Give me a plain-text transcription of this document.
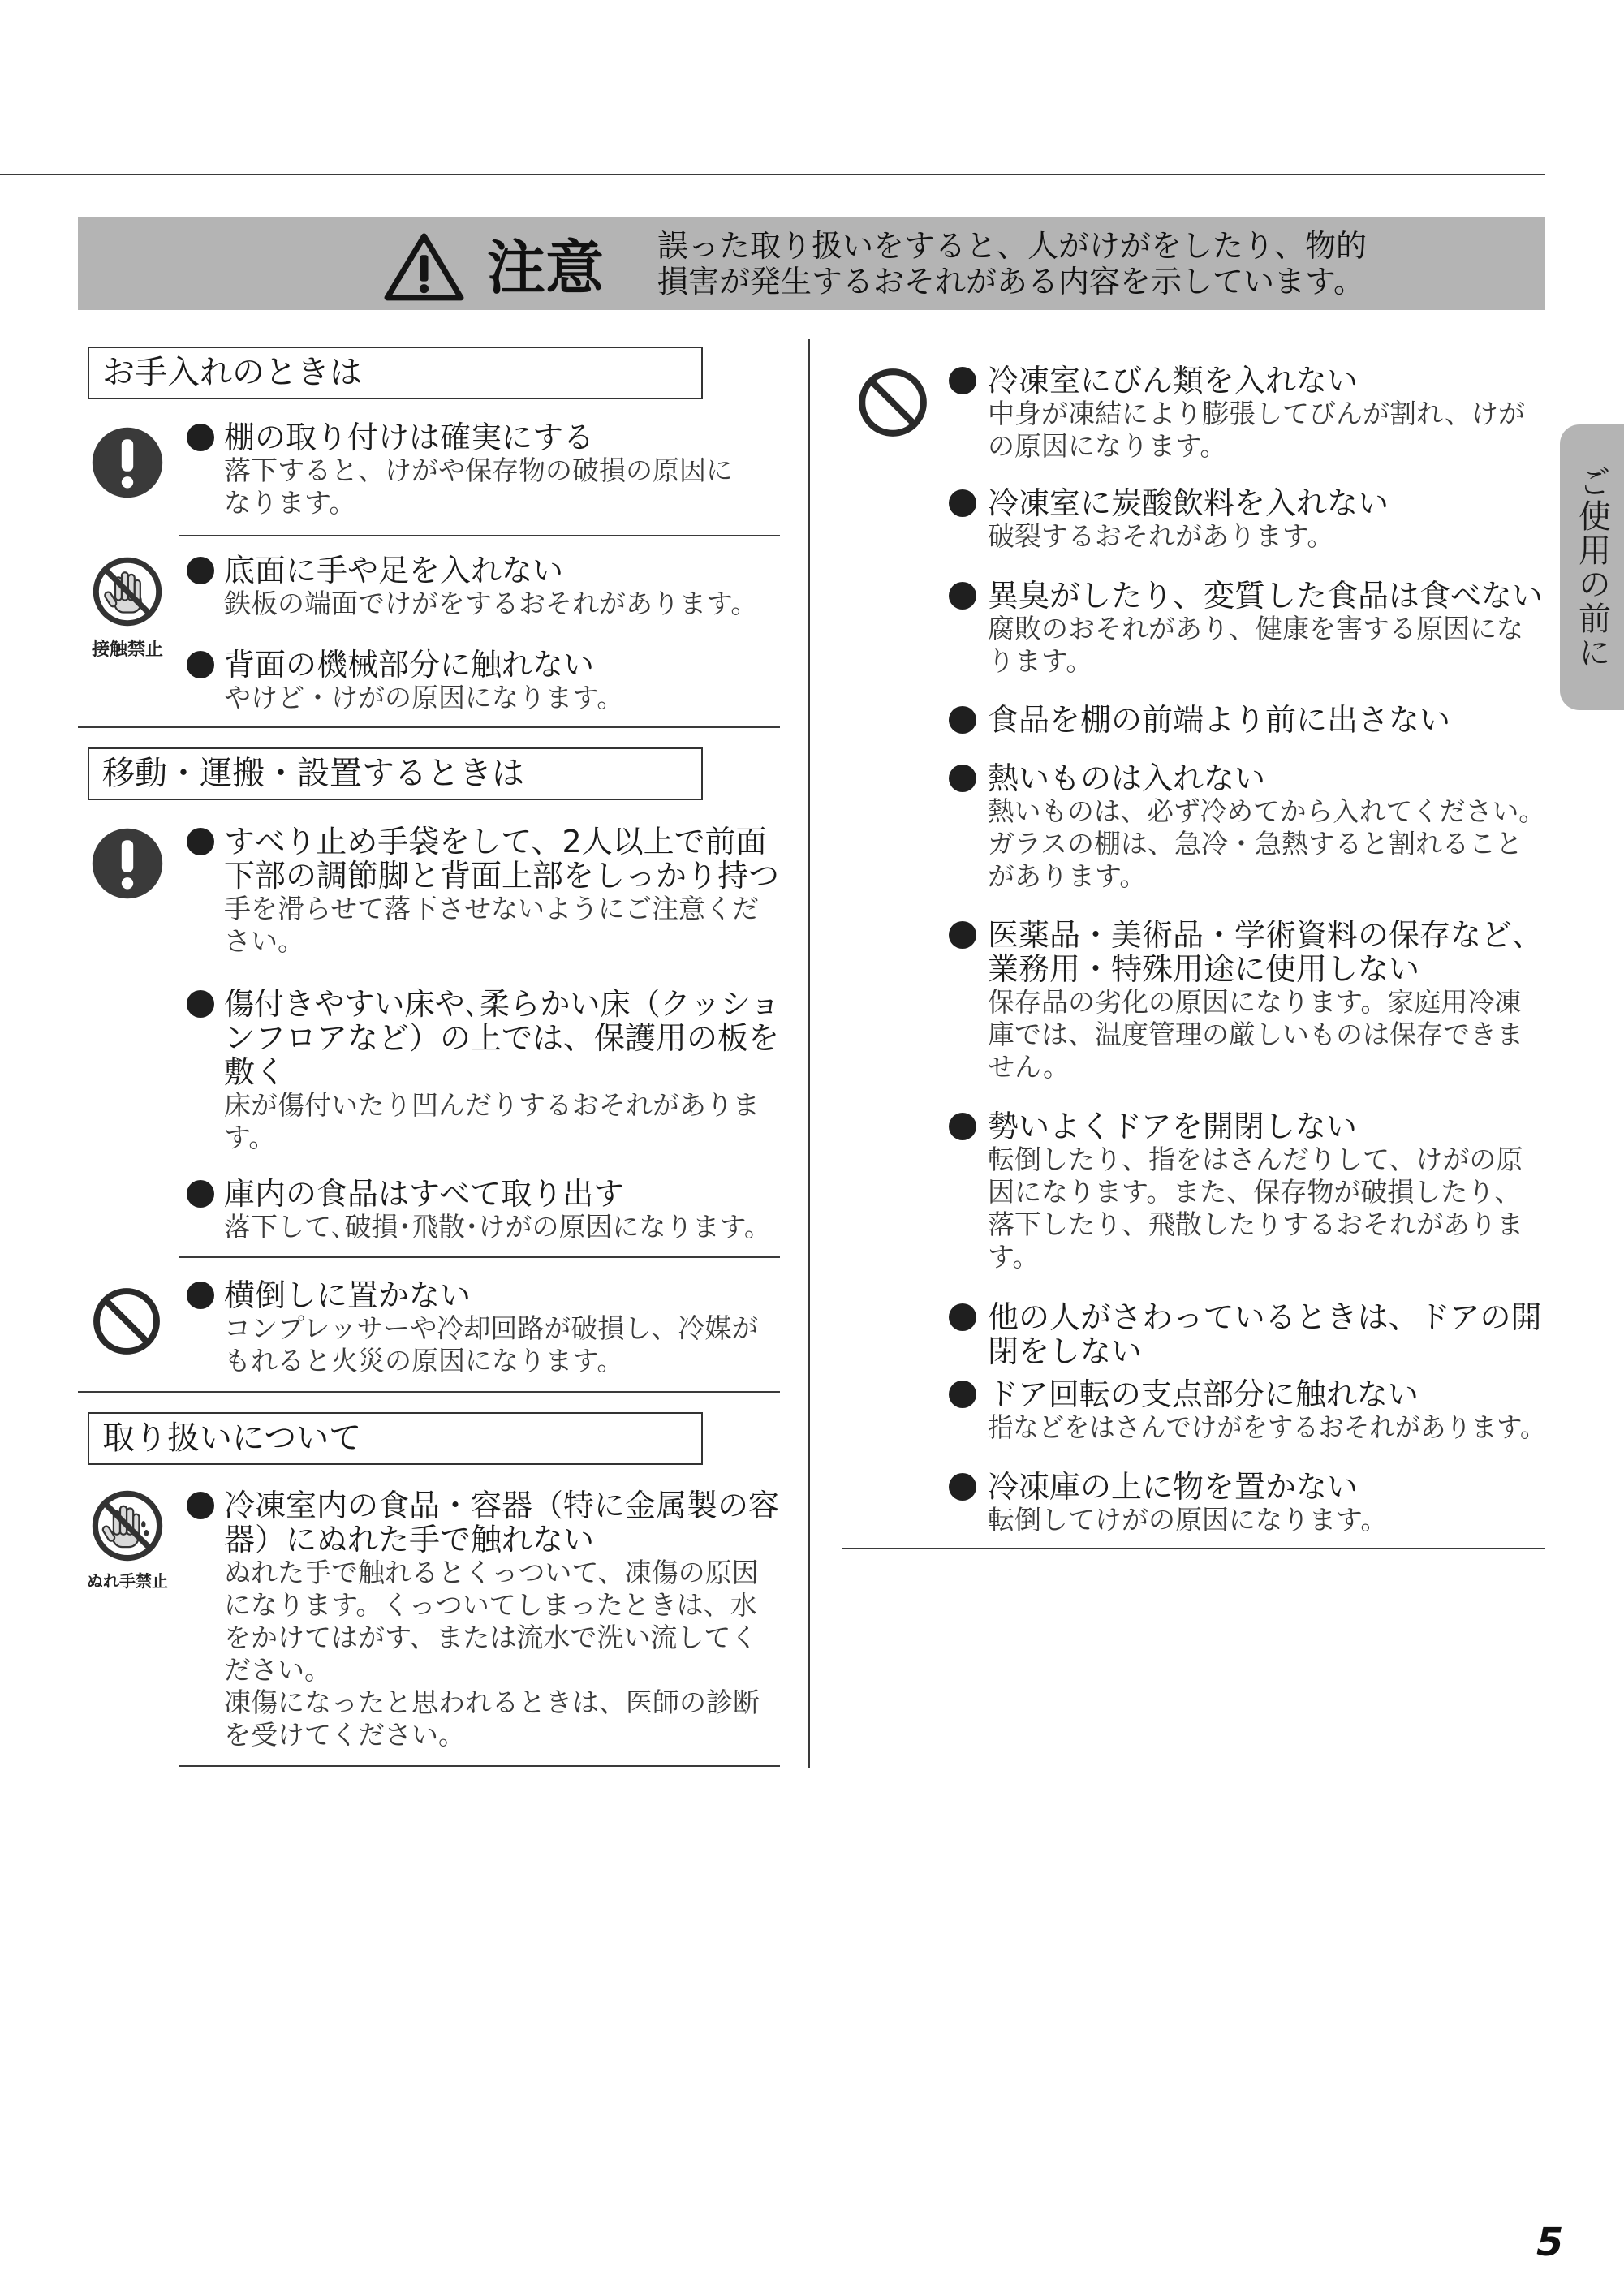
注意 誤った取り扱いをすると、人がけがをしたり、物的
損害が発生するおそれがある内容を示しています。
お手入れのときは
棚の取り付けは確実にする
落下すると、けがや保存物の破損の原因に
なります。
接触禁止
底面に手や足を入れない
鉄板の端面でけがをするおそれがあります。
背面の機械部分に触れない
やけど・けがの原因になります。
移動・運搬・設置するときは
すべり止め手袋をして、2人以上で前面
下部の調節脚と背面上部をしっかり持つ
手を滑らせて落下させないようにご注意くだ
さい。
傷付きやすい床や､柔らかい床（クッショ
ンフロアなど）の上では、保護用の板を
敷く
床が傷付いたり凹んだりするおそれがありま
す。
庫内の食品はすべて取り出す
落下して､破損･飛散･けがの原因になります。
横倒しに置かない
コンプレッサーや冷却回路が破損し、冷媒が
もれると火災の原因になります。
取り扱いについて
ぬれ手禁止
冷凍室内の食品・容器（特に金属製の容
器）にぬれた手で触れない
ぬれた手で触れるとくっついて、凍傷の原因
になります。くっついてしまったときは、水
をかけてはがす、または流水で洗い流してく
ださい。
凍傷になったと思われるときは、医師の診断
を受けてください。
冷凍室にびん類を入れない
中身が凍結により膨張してびんが割れ、けが
の原因になります。
冷凍室に炭酸飲料を入れない
破裂するおそれがあります。
異臭がしたり、変質した食品は食べない
腐敗のおそれがあり、健康を害する原因にな
ります。
食品を棚の前端より前に出さない
熱いものは入れない
熱いものは、必ず冷めてから入れてください。
ガラスの棚は、急冷・急熱すると割れること
があります。
医薬品・美術品・学術資料の保存など、
業務用・特殊用途に使用しない
保存品の劣化の原因になります。家庭用冷凍
庫では、温度管理の厳しいものは保存できま
せん。
勢いよくドアを開閉しない
転倒したり、指をはさんだりして、けがの原
因になります。また、保存物が破損したり、
落下したり、飛散したりするおそれがありま
す。
他の人がさわっているときは、ドアの開
閉をしない
ドア回転の支点部分に触れない
指などをはさんでけがをするおそれがあります。
冷凍庫の上に物を置かない
転倒してけがの原因になります。
ご使用の前に
5
